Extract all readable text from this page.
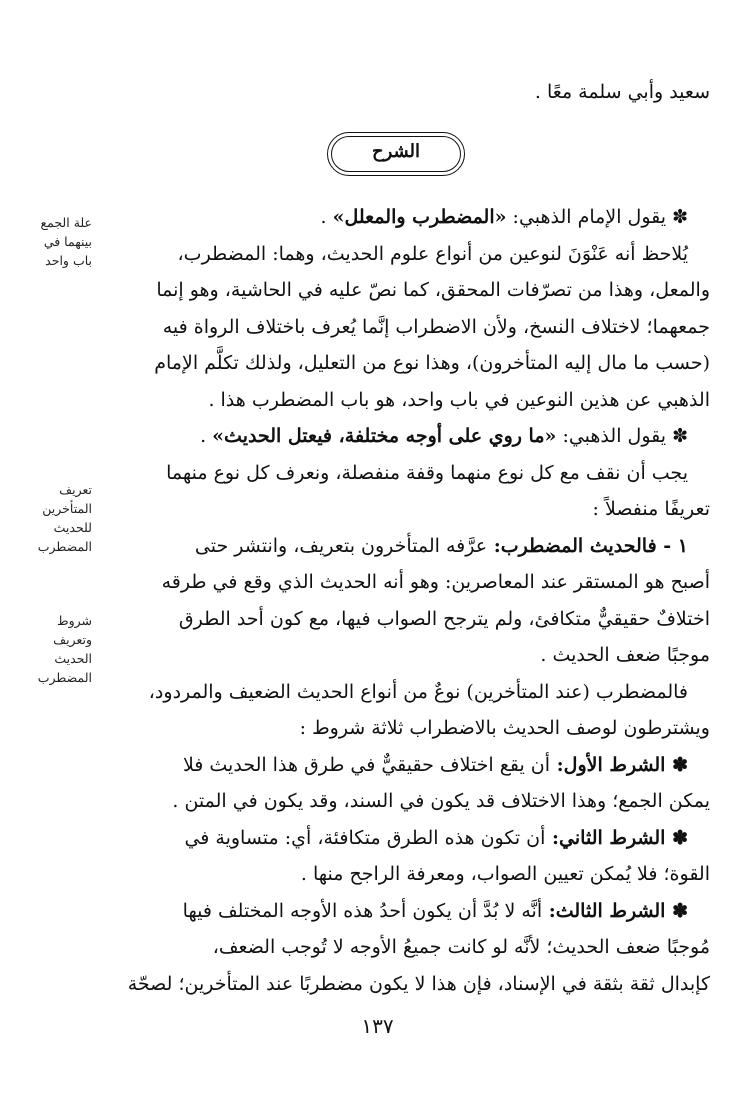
سعيد وأبي سلمة معًا .
الشرح
علة الجمع
بينهما في
باب واحد
تعريف
المتأخرين
للحديث
المضطرب
شروط
وتعريف
الحديث
المضطرب

✽ يقول الإمام الذهبي: «المضطرب والمعلل» .

يُلاحظ أنه عَنْوَنَ لنوعين من أنواع علوم الحديث، وهما: المضطرب،
والمعل، وهذا من تصرّفات المحقق، كما نصّ عليه في الحاشية، وهو إنما
جمعهما؛ لاختلاف النسخ، ولأن الاضطراب إنَّما يُعرف باختلاف الرواة فيه
(حسب ما مال إليه المتأخرون)، وهذا نوع من التعليل، ولذلك تكلَّم الإمام
الذهبي عن هذين النوعين في باب واحد، هو باب المضطرب هذا .

✽ يقول الذهبي: «ما روي على أوجه مختلفة، فيعتل الحديث» .

يجب أن نقف مع كل نوع منهما وقفة منفصلة، ونعرف كل نوع منهما
تعريفًا منفصلاً :

١ - فالحديث المضطرب: عرَّفه المتأخرون بتعريف، وانتشر حتى
أصبح هو المستقر عند المعاصرين: وهو أنه الحديث الذي وقع في طرقه
اختلافٌ حقيقيٌّ متكافئ، ولم يترجح الصواب فيها، مع كون أحد الطرق
موجبًا ضعف الحديث .

فالمضطرب (عند المتأخرين) نوعٌ من أنواع الحديث الضعيف والمردود،
ويشترطون لوصف الحديث بالاضطراب ثلاثة شروط :

✽ الشرط الأول: أن يقع اختلاف حقيقيٌّ في طرق هذا الحديث فلا
يمكن الجمع؛ وهذا الاختلاف قد يكون في السند، وقد يكون في المتن .

✽ الشرط الثاني: أن تكون هذه الطرق متكافئة، أي: متساوية في
القوة؛ فلا يُمكن تعيين الصواب، ومعرفة الراجح منها .

✽ الشرط الثالث: أنَّه لا بُدَّ أن يكون أحدُ هذه الأوجه المختلف فيها
مُوجبًا ضعف الحديث؛ لأنَّه لو كانت جميعُ الأوجه لا تُوجب الضعف،
كإبدال ثقة بثقة في الإسناد، فإن هذا لا يكون مضطربًا عند المتأخرين؛ لصحّة

١٣٧
